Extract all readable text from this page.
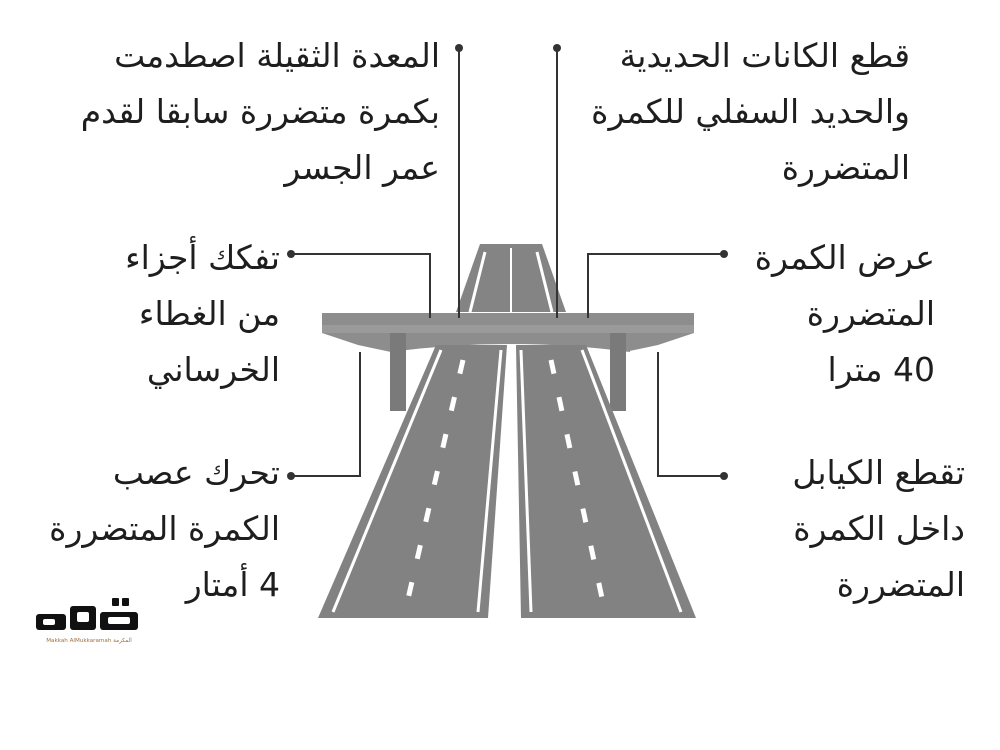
المعدة الثقيلة اصطدمت
بكمرة متضررة سابقا لقدم
عمر الجسر
قطع الكانات الحديدية
والحديد السفلي للكمرة
المتضررة
تفكك أجزاء
من الغطاء
الخرساني
عرض الكمرة
المتضررة
40 مترا
تحرك عصب
الكمرة المتضررة
4 أمتار
تقطع الكيابل
داخل الكمرة
المتضررة
Makkah AlMukkaramah المكرمة
